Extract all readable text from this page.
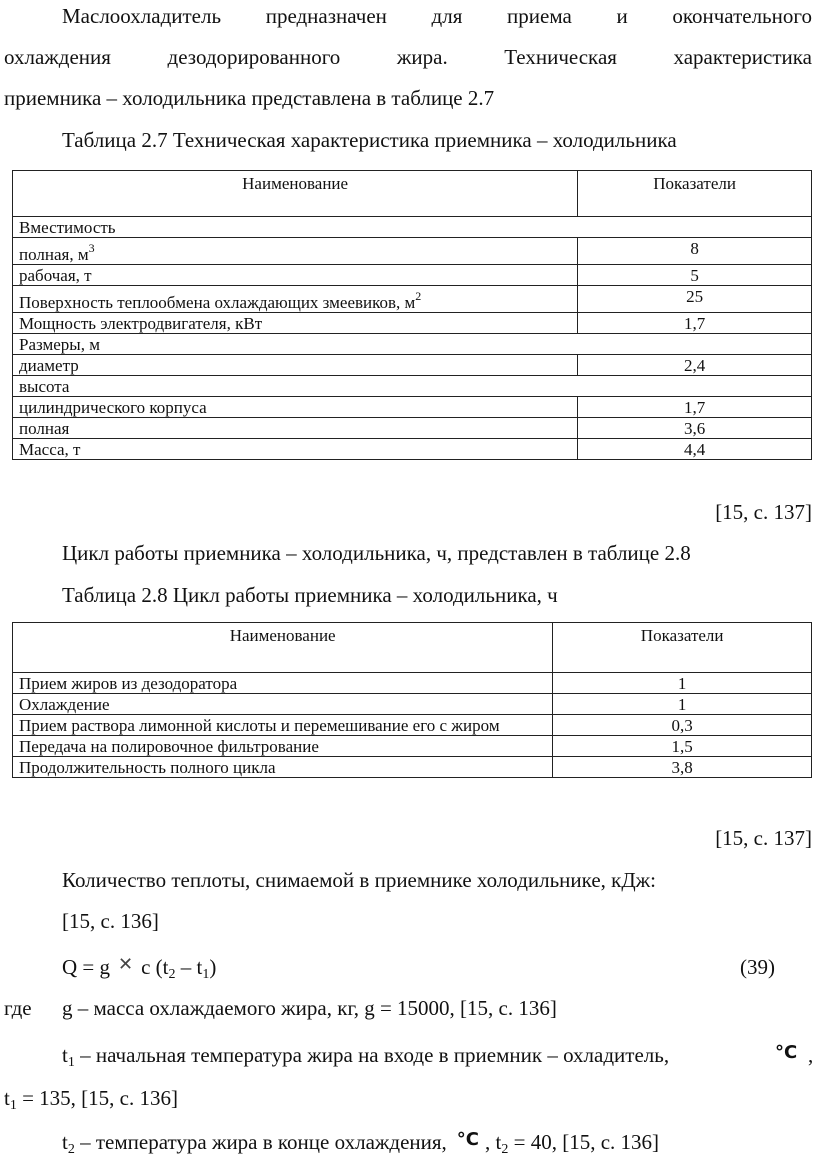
Маслоохладитель предназначен для приема и окончательного
охлаждения	дезодорированного	жира.	Техническая	характеристика
приемника – холодильника представлена в таблице 2.7
Таблица 2.7 Техническая характеристика приемника – холодильника
Наименование	Показатели
Вместимость	
полная, $м^3$	8
рабочая, т	5
Поверхность теплообмена охлаждающих змеевиков, $м^2$	25
Мощность электродвигателя, кВт	1,7
Размеры, м	
диаметр	2,4
высота	
цилиндрического корпуса	1,7
полная	3,6
Масса, т	4,4
[15, с. 137]
Цикл работы приемника – холодильника, ч, представлен в таблице 2.8
Таблица 2.8 Цикл работы приемника – холодильника, ч
Наименование	Показатели
Прием жиров из дезодоратора	1
Охлаждение	1
Прием раствора лимонной кислоты и перемешивание его с жиром	0,3
Передача на полировочное фильтрование	1,5
Продолжительность полного цикла	3,8
[15, с. 137]
Количество теплоты, снимаемой в приемнике холодильнике, кДж:
[15, с. 136]
Q = g ✕ c $(t_2 - t_1)$	(39)
где g – масса охлаждаемого жира, кг, g = 15000, [15, с. 136]
$t_1$ – начальная температура жира на входе в приемник – охладитель,	°C ,
$t_1 = 135$, [15, с. 136]
$t_2$ – температура жира в конце охлаждения, °C , $t_2 = 40$, [15, с. 136]
